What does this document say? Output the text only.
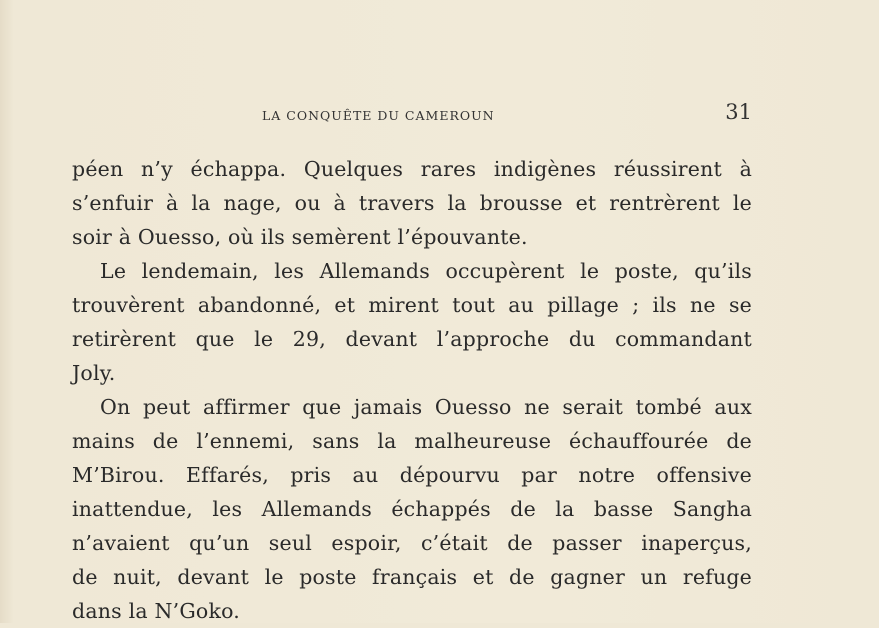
LA CONQUÊTE DU CAMEROUN	31
péen n’y échappa. Quelques rares indigènes réussirent à
s’enfuir à la nage, ou à travers la brousse et rentrèrent le
soir à Ouesso, où ils semèrent l’épouvante.
Le lendemain, les Allemands occupèrent le poste, qu’ils
trouvèrent abandonné, et mirent tout au pillage ; ils ne se
retirèrent que le 29, devant l’approche du commandant
Joly.
On peut affirmer que jamais Ouesso ne serait tombé aux
mains de l’ennemi, sans la malheureuse échauffourée de
M’Birou. Effarés, pris au dépourvu par notre offensive
inattendue, les Allemands échappés de la basse Sangha
n’avaient qu’un seul espoir, c’était de passer inaperçus,
de nuit, devant le poste français et de gagner un refuge
dans la N’Goko.
